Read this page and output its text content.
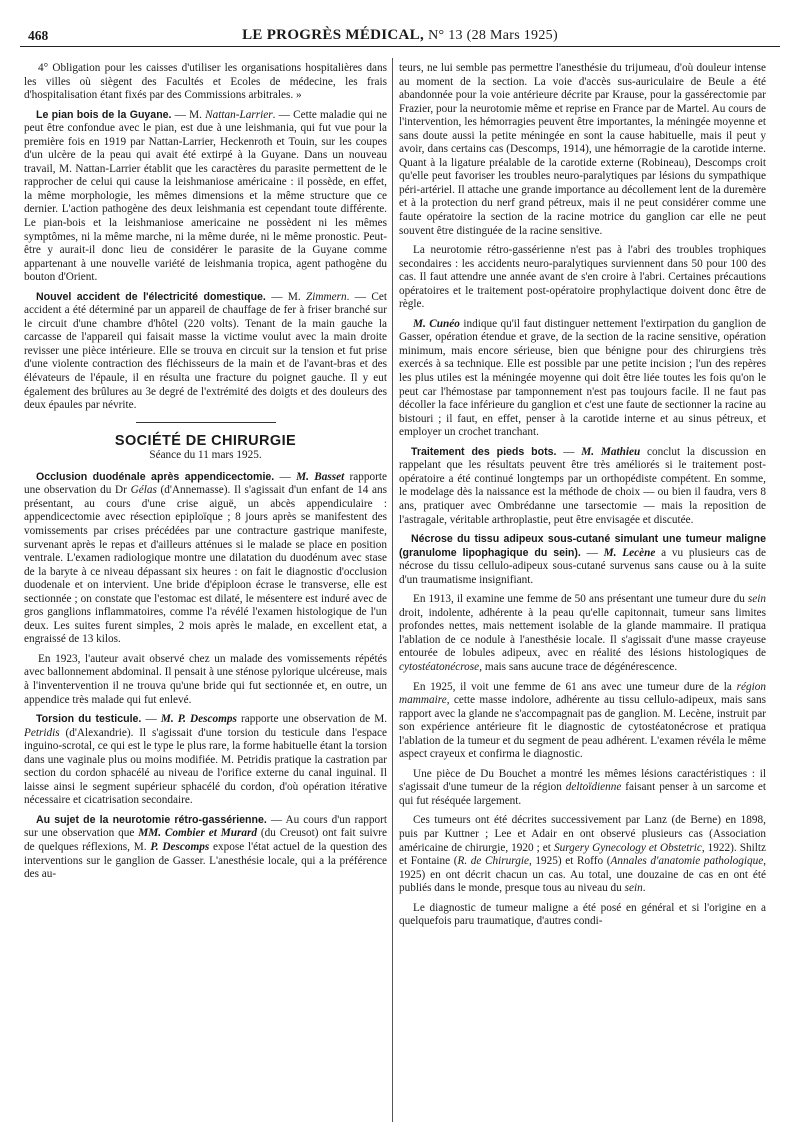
468	LE PROGRÈS MÉDICAL, N° 13 (28 Mars 1925)

4° Obligation pour les caisses d'utiliser les organisations hospitalières dans les villes où siègent des Facultés et Ecoles de médecine, les frais d'hospitalisation étant fixés par des Commissions arbitrales. »

Le pian bois de la Guyane. — M. Nattan-Larrier. — Cette maladie qui ne peut être confondue avec le pian, est due à une leishmania, qui fut vue pour la première fois en 1919 par Nattan-Larrier, Heckenroth et Touin, sur les coupes d'un ulcère de la peau qui avait été extirpé à la Guyane. Dans un nouveau travail, M. Nattan-Larrier établit que les caractères du parasite permettent de le rapprocher de celui qui cause la leishmaniose américaine : il possède, en effet, la même morphologie, les mêmes dimensions et la même structure que ce dernier. L'action pathogène des deux leishmania est cependant toute différente. Le pian-bois et la leishmaniose americaine ne possèdent ni les mêmes symptômes, ni la même marche, ni la même durée, ni le même pronostic. Peut-être y aurait-il donc lieu de considérer le parasite de la Guyane comme appartenant à une nouvelle variété de leishmania tropica, agent pathogène du bouton d'Orient.

Nouvel accident de l'électricité domestique. — M. Zimmern. — Cet accident a été déterminé par un appareil de chauffage de fer à friser branché sur le circuit d'une chambre d'hôtel (220 volts). Tenant de la main gauche la carcasse de l'appareil qui faisait masse la victime voulut avec la main droite revisser une pièce intérieure. Elle se trouva en circuit sur la tension et fut prise d'une violente contraction des fléchisseurs de la main et de l'avant-bras et des élévateurs de l'épaule, il en résulta une fracture du poignet gauche. Il y eut également des brûlures au 3e degré de l'extrémité des doigts et des douleurs des deux épaules par névrite.

SOCIÉTÉ DE CHIRURGIE
Séance du 11 mars 1925.

Occlusion duodénale après appendicectomie. — M. Basset rapporte une observation du Dr Gélas (d'Annemasse). Il s'agissait d'un enfant de 14 ans présentant, au cours d'une crise aiguë, un abcès appendiculaire : appendicectomie avec résection epiploïque ; 8 jours après se manifestent des vomissements par crises précédées par une contracture gastrique manifeste, survenant après le repas et d'ailleurs atténues si le malade se place en position ventrale. L'examen radiologique montre une dilatation du duodénum avec stase de la baryte à ce niveau dépassant six heures : on fait le diagnostic d'occlusion duodenale et on intervient. Une bride d'épiploon écrase le transverse, elle est sectionnée ; on constate que l'estomac est dilaté, le mésentere est induré avec de gros ganglions inflammatoires, comme l'a révélé l'examen histologique de l'un deux. Les suites furent simples, 2 mois après le malade, en excellent etat, a engraissé de 13 kilos.

En 1923, l'auteur avait observé chez un malade des vomissements répétés avec ballonnement abdominal. Il pensait à une sténose pylorique ulcéreuse, mais à l'inventervention il ne trouva qu'une bride qui fut sectionnée et, en outre, un appendice très malade qui fut enlevé.

Torsion du testicule. — M. P. Descomps rapporte une observation de M. Petridis (d'Alexandrie). Il s'agissait d'une torsion du testicule dans l'espace inguino-scrotal, ce qui est le type le plus rare, la forme habituelle étant la torsion dans une vaginale plus ou moins modifiée. M. Petridis pratique la castration par section du cordon sphacélé au niveau de l'orifice externe du canal inguinal. Il laisse ainsi le segment supérieur sphacélé du cordon, d'où opération itérative nécessaire et cicatrisation secondaire.

Au sujet de la neurotomie rétro-gassérienne. — Au cours d'un rapport sur une observation que MM. Combier et Murard (du Creusot) ont fait suivre de quelques réflexions, M. P. Descomps expose l'état actuel de la question des interventions sur le ganglion de Gasser. L'anesthésie locale, qui a la préférence des au-

teurs, ne lui semble pas permettre l'anesthésie du trijumeau, d'où douleur intense au moment de la section. La voie d'accès sus-auriculaire de Beule a été abandonnée pour la voie antérieure décrite par Krause, pour la gassérectomie par Frazier, pour la neurotomie même et reprise en France par de Martel. Au cours de l'intervention, les hémorragies peuvent être importantes, la méningée moyenne et sans doute aussi la petite méningée en sont la cause habituelle, mais il peut y avoir, dans certains cas (Descomps, 1914), une hémorragie de la carotide interne. Quant à la ligature préalable de la carotide externe (Robineau), Descomps croit qu'elle peut favoriser les troubles neuro-paralytiques par lésions du sympathique péri-artériel. Il attache une grande importance au décollement lent de la duremère et à la protection du nerf grand pétreux, mais il ne peut considérer comme une faute opératoire la section de la racine motrice du ganglion car elle ne peut souvent être distinguée de la racine sensitive.

La neurotomie rétro-gassérienne n'est pas à l'abri des troubles trophiques secondaires : les accidents neuro-paralytiques surviennent dans 50 pour 100 des cas. Il faut attendre une année avant de s'en croire à l'abri. Certaines précautions opératoires et le traitement post-opératoire prophylactique doivent donc être de règle.

M. Cunéo indique qu'il faut distinguer nettement l'extirpation du ganglion de Gasser, opération étendue et grave, de la section de la racine sensitive, opération minimum, mais encore sérieuse, bien que bénigne pour des chirurgiens très exercés à sa technique. Elle est possible par une petite incision ; l'un des repères les plus utiles est la méningée moyenne qui doit être liée toutes les fois qu'on le peut car l'hémostase par tamponnement n'est pas toujours facile. Il ne faut pas décoller la face inférieure du ganglion et c'est une faute de sectionner la racine au bistouri ; il faut, en effet, penser à la carotide interne et au sinus pétreux, et employer un crochet tranchant.

Traitement des pieds bots. — M. Mathieu conclut la discussion en rappelant que les résultats peuvent être très améliorés si le traitement post-opératoire a été continué longtemps par un orthopédiste compétent. En somme, le modelage dès la naissance est la méthode de choix — ou bien il faudra, vers 8 ans, pratiquer avec Ombrédanne une tarsectomie — mais la reposition de l'astragale, véritable arthroplastie, peut être envisagée et discutée.

Nécrose du tissu adipeux sous-cutané simulant une tumeur maligne (granulome lipophagique du sein). — M. Lecène a vu plusieurs cas de nécrose du tissu cellulo-adipeux sous-cutané survenus sans cause ou à la suite d'un traumatisme insignifiant.

En 1913, il examine une femme de 50 ans présentant une tumeur dure du sein droit, indolente, adhérente à la peau qu'elle capitonnait, tumeur sans limites profondes nettes, mais nettement isolable de la glande mammaire. Il pratiqua l'ablation de ce nodule à l'anesthésie locale. Il s'agissait d'une masse crayeuse entourée de lobules adipeux, avec en réalité des lésions histologiques de cytostéatonécrose, mais sans aucune trace de dégénérescence.

En 1925, il voit une femme de 61 ans avec une tumeur dure de la région mammaire, cette masse indolore, adhérente au tissu cellulo-adipeux, mais sans rapport avec la glande ne s'accompagnait pas de ganglion. M. Lecène, instruit par son expérience antérieure fit le diagnostic de cytostéatonécrose et pratiqua l'ablation de la tumeur et du segment de peau adhérent. L'examen révéla le même aspect crayeux et confirma le diagnostic.

Une pièce de Du Bouchet a montré les mêmes lésions caractéristiques : il s'agissait d'une tumeur de la région deltoïdienne faisant penser à un sarcome et qui fut réséquée largement.

Ces tumeurs ont été décrites successivement par Lanz (de Berne) en 1898, puis par Kuttner ; Lee et Adair en ont observé plusieurs cas (Association américaine de chirurgie, 1920 ; et Surgery Gynecology et Obstetric, 1922). Shiltz et Fontaine (R. de Chirurgie, 1925) et Roffo (Annales d'anatomie pathologique, 1925) en ont décrit chacun un cas. Au total, une douzaine de cas en ont été publiés dans le monde, presque tous au niveau du sein.

Le diagnostic de tumeur maligne a été posé en général et si l'origine en a quelquefois paru traumatique, d'autres condi-
